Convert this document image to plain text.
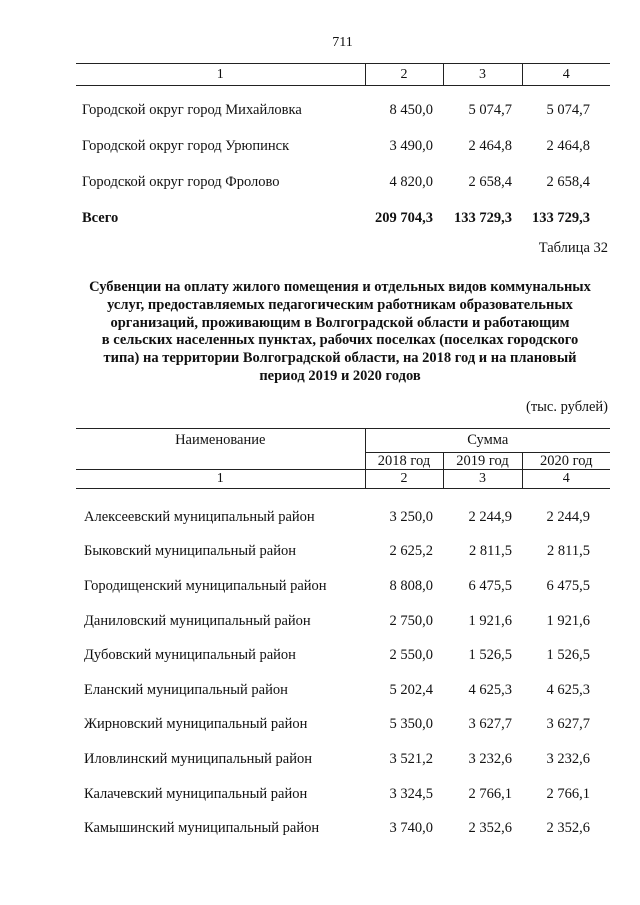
711
1	2	3	4

Городской округ город Михайловка	8 450,0	5 074,7	5 074,7
Городской округ город Урюпинск	3 490,0	2 464,8	2 464,8
Городской округ город Фролово	4 820,0	2 658,4	2 658,4
Всего	209 704,3	133 729,3	133 729,3
Таблица 32
Субвенции на оплату жилого помещения и отдельных видов коммунальных
услуг, предоставляемых педагогическим работникам образовательных
организаций, проживающим в Волгоградской области и работающим
в сельских населенных пунктах, рабочих поселках (поселках городского
типа) на территории Волгоградской области, на 2018 год и на плановый
период 2019 и 2020 годов
(тыс. рублей)
Наименование	Сумма		
	2018 год	2019 год	2020 год
1	2	3	4

Алексеевский муниципальный район	3 250,0	2 244,9	2 244,9
Быковский муниципальный район	2 625,2	2 811,5	2 811,5
Городищенский муниципальный район	8 808,0	6 475,5	6 475,5
Даниловский муниципальный район	2 750,0	1 921,6	1 921,6
Дубовский муниципальный район	2 550,0	1 526,5	1 526,5
Еланский муниципальный район	5 202,4	4 625,3	4 625,3
Жирновский муниципальный район	5 350,0	3 627,7	3 627,7
Иловлинский муниципальный район	3 521,2	3 232,6	3 232,6
Калачевский муниципальный район	3 324,5	2 766,1	2 766,1
Камышинский муниципальный район	3 740,0	2 352,6	2 352,6
